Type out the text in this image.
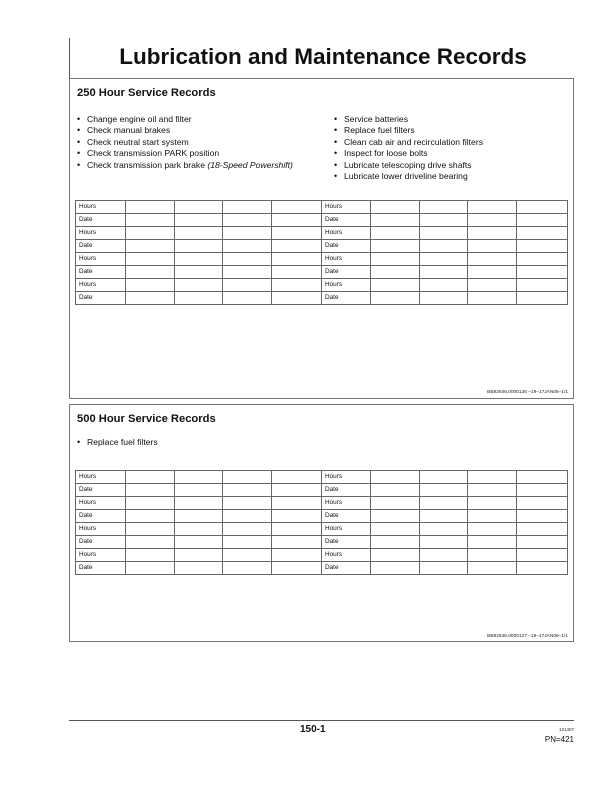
Lubrication and Maintenance Records
250 Hour Service Records
• Change engine oil and filter
• Check manual brakes
• Check neutral start system
• Check transmission PARK position
• Check transmission park brake (18-Speed Powershift)
• Service batteries
• Replace fuel filters
• Clean cab air and recirculation filters
• Inspect for loose bolts
• Lubricate telescoping drive shafts
• Lubricate lower driveline bearing
Hours					Hours				
Date					Date				
Hours					Hours				
Date					Date				
Hours					Hours				
Date					Date				
Hours					Hours				
Date					Date				
BB92646,0000126 –19–17JAN06–1/1
500 Hour Service Records
• Replace fuel filters
Hours					Hours				
Date					Date				
Hours					Hours				
Date					Date				
Hours					Hours				
Date					Date				
Hours					Hours				
Date					Date				
BB92646,0000127 –19–17JAN06–1/1
150-1	121407
PN=421
